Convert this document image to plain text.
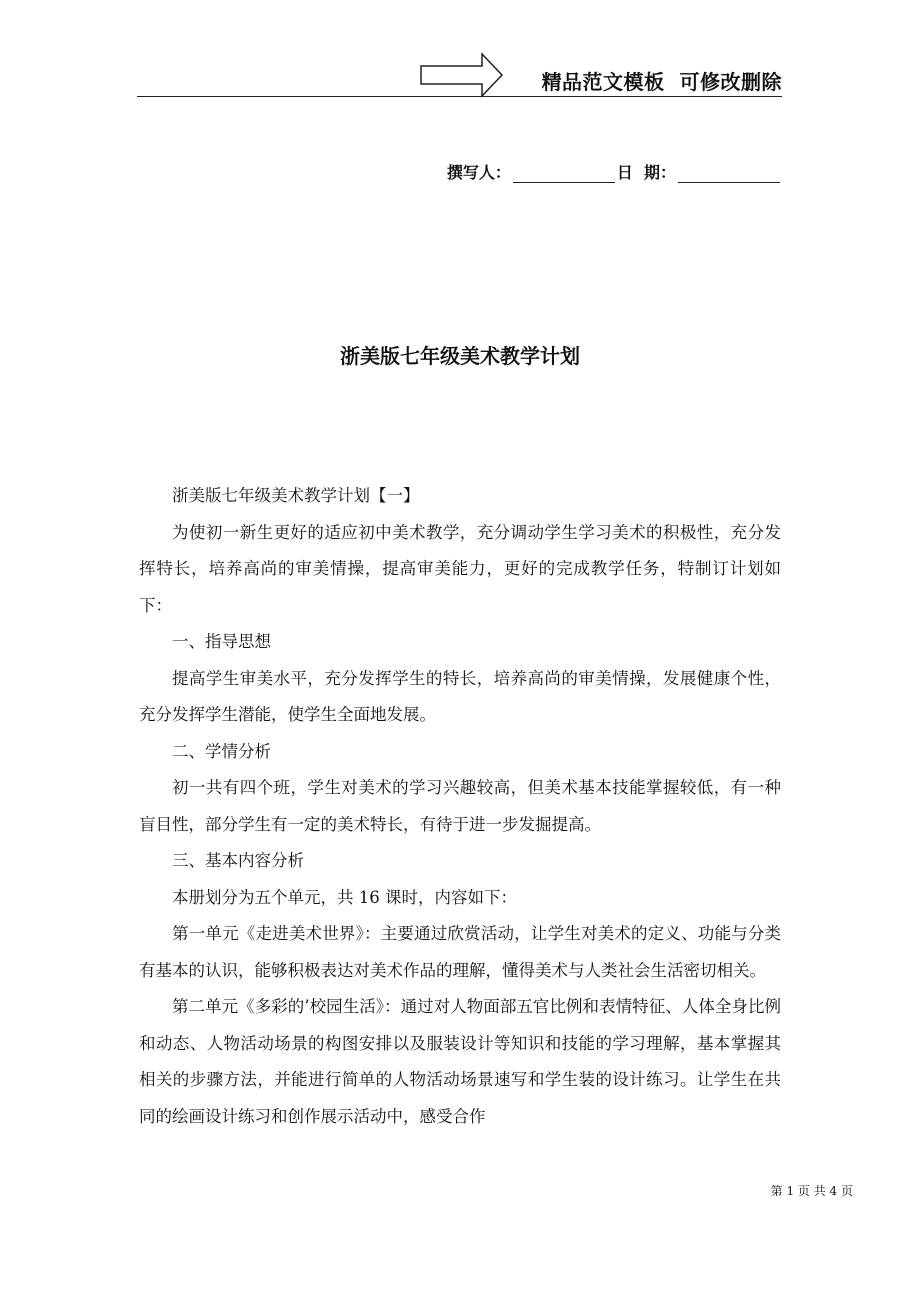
精品范文模板  可修改删除
撰写人：	日  期：
浙美版七年级美术教学计划

浙美版七年级美术教学计划【一】

为使初一新生更好的适应初中美术教学，充分调动学生学习美术的积极性，充分发挥特长，培养高尚的审美情操，提高审美能力，更好的完成教学任务，特制订计划如下：

一、指导思想

提高学生审美水平，充分发挥学生的特长，培养高尚的审美情操，发展健康个性，充分发挥学生潜能，使学生全面地发展。

二、学情分析

初一共有四个班，学生对美术的学习兴趣较高，但美术基本技能掌握较低，有一种盲目性，部分学生有一定的美术特长，有待于进一步发掘提高。

三、基本内容分析

本册划分为五个单元，共 16 课时，内容如下：

第一单元《走进美术世界》：主要通过欣赏活动，让学生对美术的定义、功能与分类有基本的认识，能够积极表达对美术作品的理解，懂得美术与人类社会生活密切相关。

第二单元《多彩的’校园生活》：通过对人物面部五官比例和表情特征、人体全身比例和动态、人物活动场景的构图安排以及服装设计等知识和技能的学习理解，基本掌握其相关的步骤方法，并能进行简单的人物活动场景速写和学生装的设计练习。让学生在共同的绘画设计练习和创作展示活动中，感受合作

第 1 页 共 4 页
